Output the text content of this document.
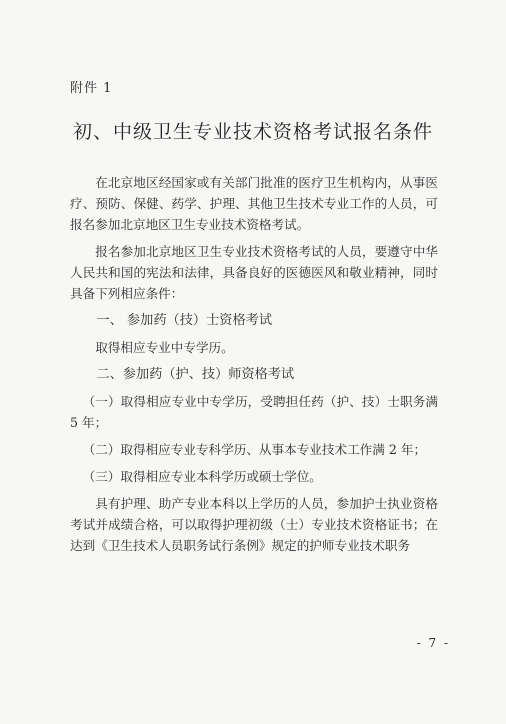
附件 1
初、中级卫生专业技术资格考试报名条件

在北京地区经国家或有关部门批准的医疗卫生机构内，从事医疗、预防、保健、药学、护理、其他卫生技术专业工作的人员，可报名参加北京地区卫生专业技术资格考试。

报名参加北京地区卫生专业技术资格考试的人员，要遵守中华人民共和国的宪法和法律，具备良好的医德医风和敬业精神，同时具备下列相应条件：

一、 参加药（技）士资格考试

取得相应专业中专学历。

二、参加药（护、技）师资格考试

（一）取得相应专业中专学历，受聘担任药（护、技）士职务满 5 年；

（二）取得相应专业专科学历、从事本专业技术工作满 2 年；

（三）取得相应专业本科学历或硕士学位。

具有护理、助产专业本科以上学历的人员，参加护士执业资格考试并成绩合格，可以取得护理初级（士）专业技术资格证书；在达到《卫生技术人员职务试行条例》规定的护师专业技术职务

- 7 -
